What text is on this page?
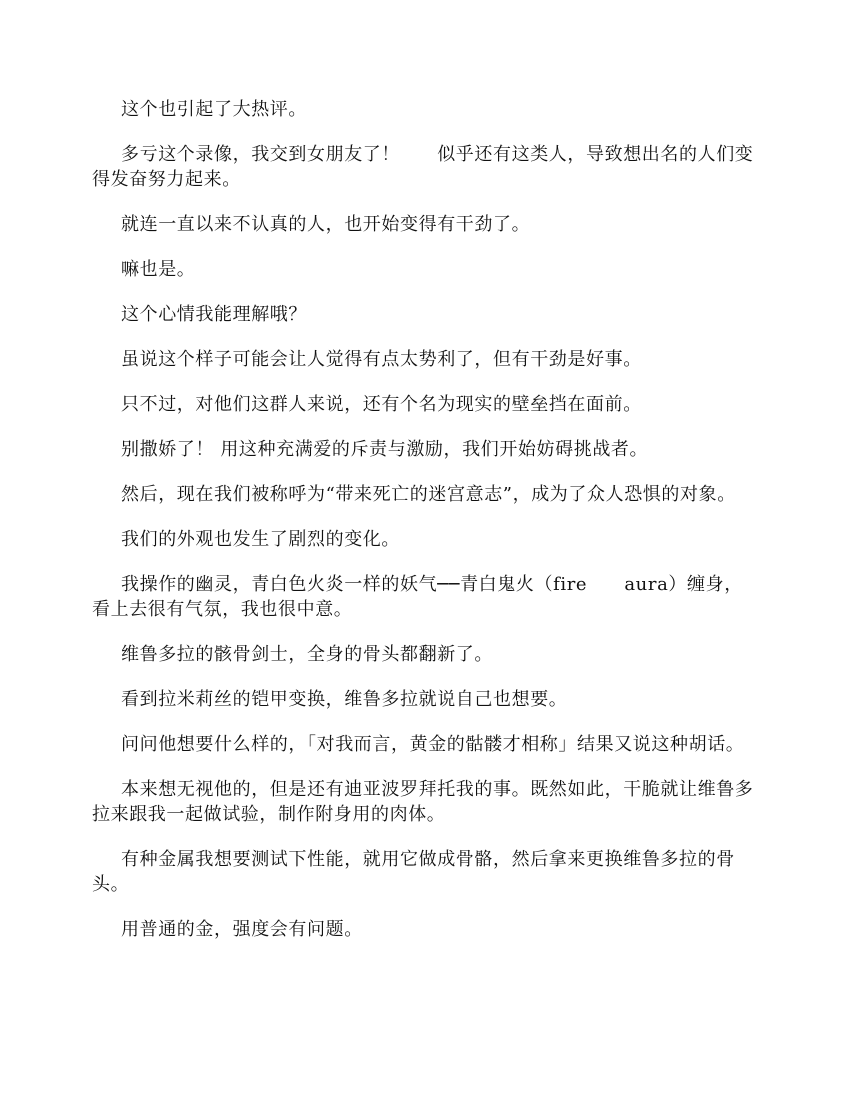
这个也引起了大热评。

多亏这个录像，我交到女朋友了！　　似乎还有这类人，导致想出名的人们变得发奋努力起来。

就连一直以来不认真的人，也开始变得有干劲了。

嘛也是。

这个心情我能理解哦？

虽说这个样子可能会让人觉得有点太势利了，但有干劲是好事。

只不过，对他们这群人来说，还有个名为现实的壁垒挡在面前。

别撒娇了！ 用这种充满爱的斥责与激励，我们开始妨碍挑战者。

然后，现在我们被称呼为“带来死亡的迷宫意志”，成为了众人恐惧的对象。

我们的外观也发生了剧烈的变化。

我操作的幽灵，青白色火炎一样的妖气──青白鬼火（fire　　aura）缠身，看上去很有气氛，我也很中意。

维鲁多拉的骸骨剑士，全身的骨头都翻新了。

看到拉米莉丝的铠甲变换，维鲁多拉就说自己也想要。

问问他想要什么样的，「对我而言，黄金的骷髅才相称」结果又说这种胡话。

本来想无视他的，但是还有迪亚波罗拜托我的事。既然如此，干脆就让维鲁多拉来跟我一起做试验，制作附身用的肉体。

有种金属我想要测试下性能，就用它做成骨骼，然后拿来更换维鲁多拉的骨头。

用普通的金，强度会有问题。
